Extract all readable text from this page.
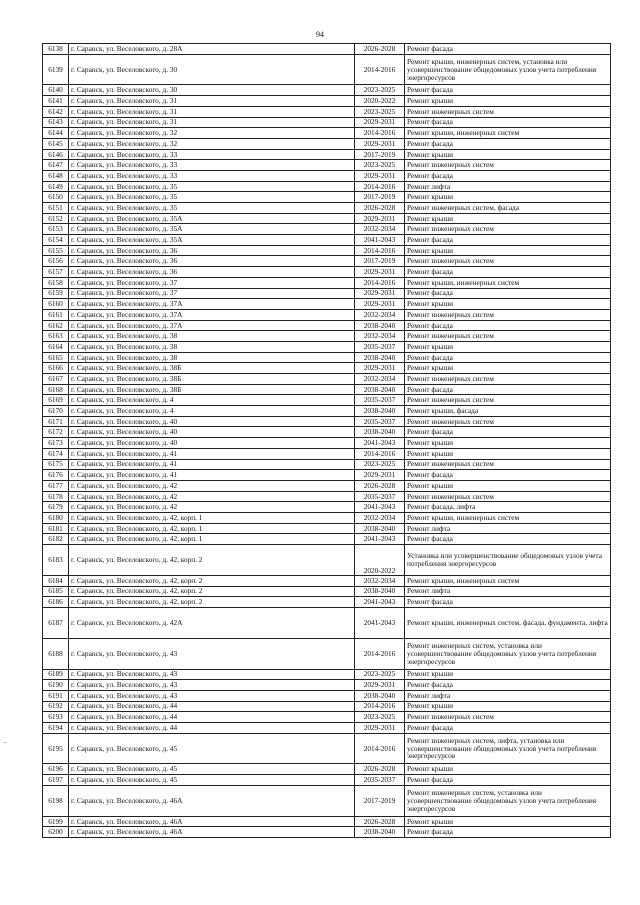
94
6138	г. Саранск, ул. Веселовского, д. 28А	2026-2028	Ремонт фасада
6139	г. Саранск, ул. Веселовского, д. 30	2014-2016	Ремонт крыши, инженерных систем, установка или усовершенствование общедомовых узлов учета потребления энергоресурсов
6140	г. Саранск, ул. Веселовского, д. 30	2023-2025	Ремонт фасада
6141	г. Саранск, ул. Веселовского, д. 31	2020-2022	Ремонт крыши
6142	г. Саранск, ул. Веселовского, д. 31	2023-2025	Ремонт инженерных систем
6143	г. Саранск, ул. Веселовского, д. 31	2029-2031	Ремонт фасада
6144	г. Саранск, ул. Веселовского, д. 32	2014-2016	Ремонт крыши, инженерных систем
6145	г. Саранск, ул. Веселовского, д. 32	2029-2031	Ремонт фасада
6146	г. Саранск, ул. Веселовского, д. 33	2017-2019	Ремонт крыши
6147	г. Саранск, ул. Веселовского, д. 33	2023-2025	Ремонт инженерных систем
6148	г. Саранск, ул. Веселовского, д. 33	2029-2031	Ремонт фасада
6149	г. Саранск, ул. Веселовского, д. 35	2014-2016	Ремонт лифта
6150	г. Саранск, ул. Веселовского, д. 35	2017-2019	Ремонт крыши
6151	г. Саранск, ул. Веселовского, д. 35	2026-2028	Ремонт инженерных систем, фасада
6152	г. Саранск, ул. Веселовского, д. 35А	2029-2031	Ремонт крыши
6153	г. Саранск, ул. Веселовского, д. 35А	2032-2034	Ремонт инженерных систем
6154	г. Саранск, ул. Веселовского, д. 35А	2041-2043	Ремонт фасада
6155	г. Саранск, ул. Веселовского, д. 36	2014-2016	Ремонт крыши
6156	г. Саранск, ул. Веселовского, д. 36	2017-2019	Ремонт инженерных систем
6157	г. Саранск, ул. Веселовского, д. 36	2029-2031	Ремонт фасада
6158	г. Саранск, ул. Веселовского, д. 37	2014-2016	Ремонт крыши, инженерных систем
6159	г. Саранск, ул. Веселовского, д. 37	2029-2031	Ремонт фасада
6160	г. Саранск, ул. Веселовского, д. 37А	2029-2031	Ремонт крыши
6161	г. Саранск, ул. Веселовского, д. 37А	2032-2034	Ремонт инженерных систем
6162	г. Саранск, ул. Веселовского, д. 37А	2038-2040	Ремонт фасада
6163	г. Саранск, ул. Веселовского, д. 38	2032-2034	Ремонт инженерных систем
6164	г. Саранск, ул. Веселовского, д. 38	2035-2037	Ремонт крыши
6165	г. Саранск, ул. Веселовского, д. 38	2038-2040	Ремонт фасада
6166	г. Саранск, ул. Веселовского, д. 38Б	2029-2031	Ремонт крыши
6167	г. Саранск, ул. Веселовского, д. 38Б	2032-2034	Ремонт инженерных систем
6168	г. Саранск, ул. Веселовского, д. 38Б	2038-2040	Ремонт фасада
6169	г. Саранск, ул. Веселовского, д. 4	2035-2037	Ремонт инженерных систем
6170	г. Саранск, ул. Веселовского, д. 4	2038-2040	Ремонт крыши, фасада
6171	г. Саранск, ул. Веселовского, д. 40	2035-2037	Ремонт инженерных систем
6172	г. Саранск, ул. Веселовского, д. 40	2038-2040	Ремонт фасада
6173	г. Саранск, ул. Веселовского, д. 40	2041-2043	Ремонт крыши
6174	г. Саранск, ул. Веселовского, д. 41	2014-2016	Ремонт крыши
6175	г. Саранск, ул. Веселовского, д. 41	2023-2025	Ремонт инженерных систем
6176	г. Саранск, ул. Веселовского, д. 41	2029-2031	Ремонт фасада
6177	г. Саранск, ул. Веселовского, д. 42	2026-2028	Ремонт крыши
6178	г. Саранск, ул. Веселовского, д. 42	2035-2037	Ремонт инженерных систем
6179	г. Саранск, ул. Веселовского, д. 42	2041-2043	Ремонт фасада, лифта
6180	г. Саранск, ул. Веселовского, д. 42, корп. 1	2032-2034	Ремонт крыши, инженерных систем
6181	г. Саранск, ул. Веселовского, д. 42, корп. 1	2038-2040	Ремонт лифта
6182	г. Саранск, ул. Веселовского, д. 42, корп. 1	2041-2043	Ремонт фасада
6183	г. Саранск, ул. Веселовского, д. 42, корп. 2	2020-2022	Установка или усовершенствование общедомовых узлов учета потребления энергоресурсов
6184	г. Саранск, ул. Веселовского, д. 42, корп. 2	2032-2034	Ремонт крыши, инженерных систем
6185	г. Саранск, ул. Веселовского, д. 42, корп. 2	2038-2040	Ремонт лифта
6186	г. Саранск, ул. Веселовского, д. 42, корп. 2	2041-2043	Ремонт фасада
6187	г. Саранск, ул. Веселовского, д. 42А	2041-2043	Ремонт крыши, инженерных систем, фасада, фундамента, лифта
6188	г. Саранск, ул. Веселовского, д. 43	2014-2016	Ремонт инженерных систем, установка или усовершенствование общедомовых узлов учета потребления энергоресурсов
6189	г. Саранск, ул. Веселовского, д. 43	2023-2025	Ремонт крыши
6190	г. Саранск, ул. Веселовского, д. 43	2029-2031	Ремонт фасада
6191	г. Саранск, ул. Веселовского, д. 43	2038-2040	Ремонт лифта
6192	г. Саранск, ул. Веселовского, д. 44	2014-2016	Ремонт крыши
6193	г. Саранск, ул. Веселовского, д. 44	2023-2025	Ремонт инженерных систем
6194	г. Саранск, ул. Веселовского, д. 44	2029-2031	Ремонт фасада
6195	г. Саранск, ул. Веселовского, д. 45	2014-2016	Ремонт инженерных систем, лифта, установка или усовершенствование общедомовых узлов учета потребления энергоресурсов
6196	г. Саранск, ул. Веселовского, д. 45	2026-2028	Ремонт крыши
6197	г. Саранск, ул. Веселовского, д. 45	2035-2037	Ремонт фасада
6198	г. Саранск, ул. Веселовского, д. 46А	2017-2019	Ремонт инженерных систем, установка или усовершенствование общедомовых узлов учета потребления энергоресурсов
6199	г. Саранск, ул. Веселовского, д. 46А	2026-2028	Ремонт крыши
6200	г. Саранск, ул. Веселовского, д. 46А	2038-2040	Ремонт фасада
-
